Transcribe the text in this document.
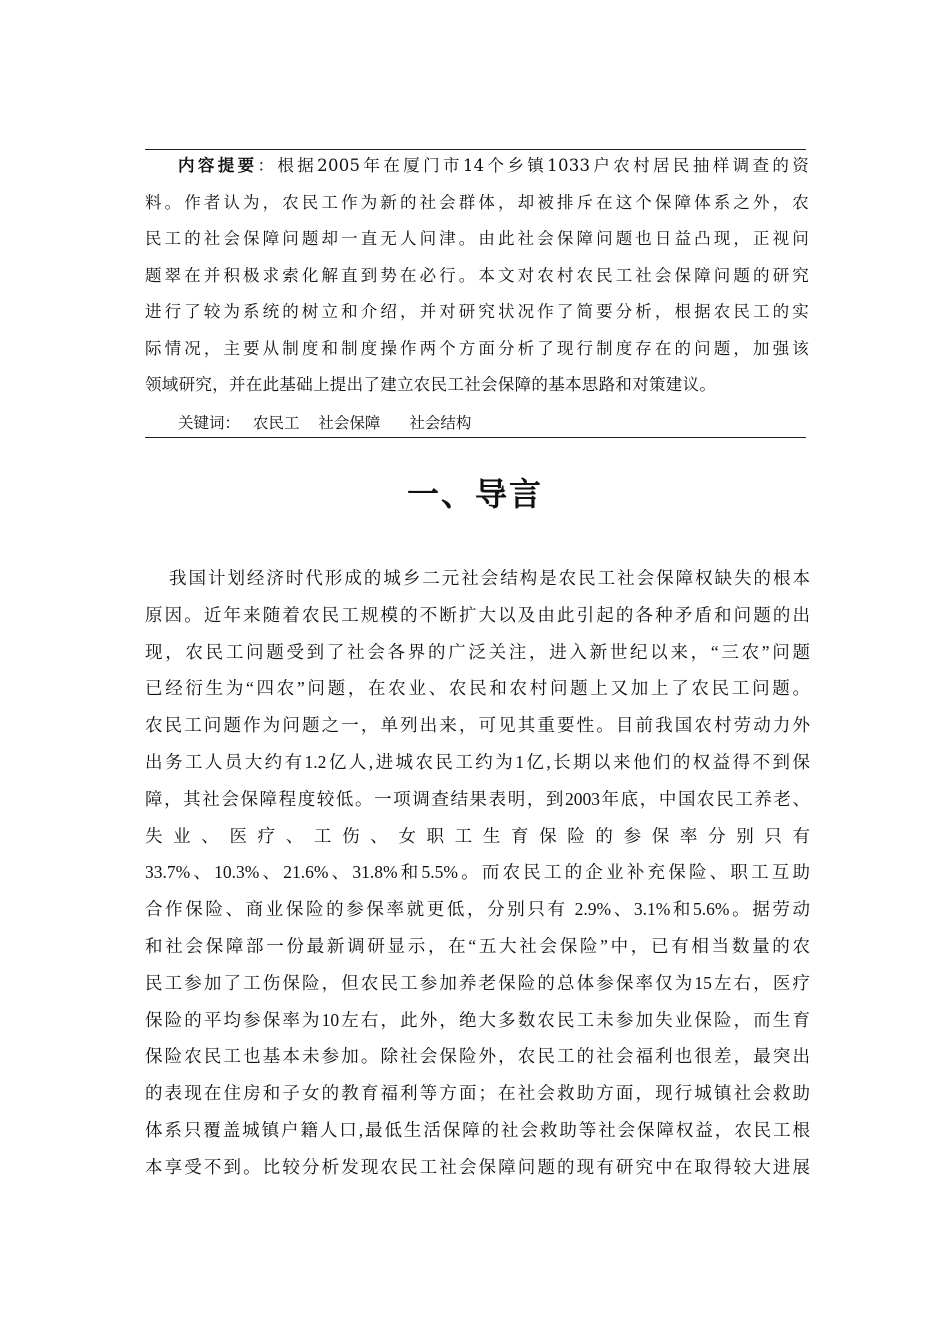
内容提要：根据2005年在厦门市14个乡镇1033户农村居民抽样调查的资
料。作者认为，农民工作为新的社会群体，却被排斥在这个保障体系之外，农
民工的社会保障问题却一直无人问津。由此社会保障问题也日益凸现，正视问
题翠在并积极求索化解直到势在必行。本文对农村农民工社会保障问题的研究
进行了较为系统的树立和介绍，并对研究状况作了简要分析，根据农民工的实
际情况，主要从制度和制度操作两个方面分析了现行制度存在的问题，加强该
领域研究，并在此基础上提出了建立农民工社会保障的基本思路和对策建议。
关键词： 农民工 社会保障 社会结构
一、导言
我国计划经济时代形成的城乡二元社会结构是农民工社会保障权缺失的根本
原因。近年来随着农民工规模的不断扩大以及由此引起的各种矛盾和问题的出
现，农民工问题受到了社会各界的广泛关注，进入新世纪以来，“三农”问题
已经衍生为“四农”问题，在农业、农民和农村问题上又加上了农民工问题。
农民工问题作为问题之一，单列出来，可见其重要性。目前我国农村劳动力外
出务工人员大约有1.2亿人,进城农民工约为1亿,长期以来他们的权益得不到保
障，其社会保障程度较低。一项调查结果表明，到2003年底，中国农民工养老、
失业、医疗、工伤、女职工生育保险的参保率分别只有
33.7%、10.3%、21.6%、31.8%和5.5%。而农民工的企业补充保险、职工互助
合作保险、商业保险的参保率就更低，分别只有 2.9%、3.1%和5.6%。据劳动
和社会保障部一份最新调研显示，在“五大社会保险”中，已有相当数量的农
民工参加了工伤保险，但农民工参加养老保险的总体参保率仅为15左右，医疗
保险的平均参保率为10左右，此外，绝大多数农民工未参加失业保险，而生育
保险农民工也基本未参加。除社会保险外，农民工的社会福利也很差，最突出
的表现在住房和子女的教育福利等方面；在社会救助方面，现行城镇社会救助
体系只覆盖城镇户籍人口,最低生活保障的社会救助等社会保障权益，农民工根
本享受不到。比较分析发现农民工社会保障问题的现有研究中在取得较大进展
